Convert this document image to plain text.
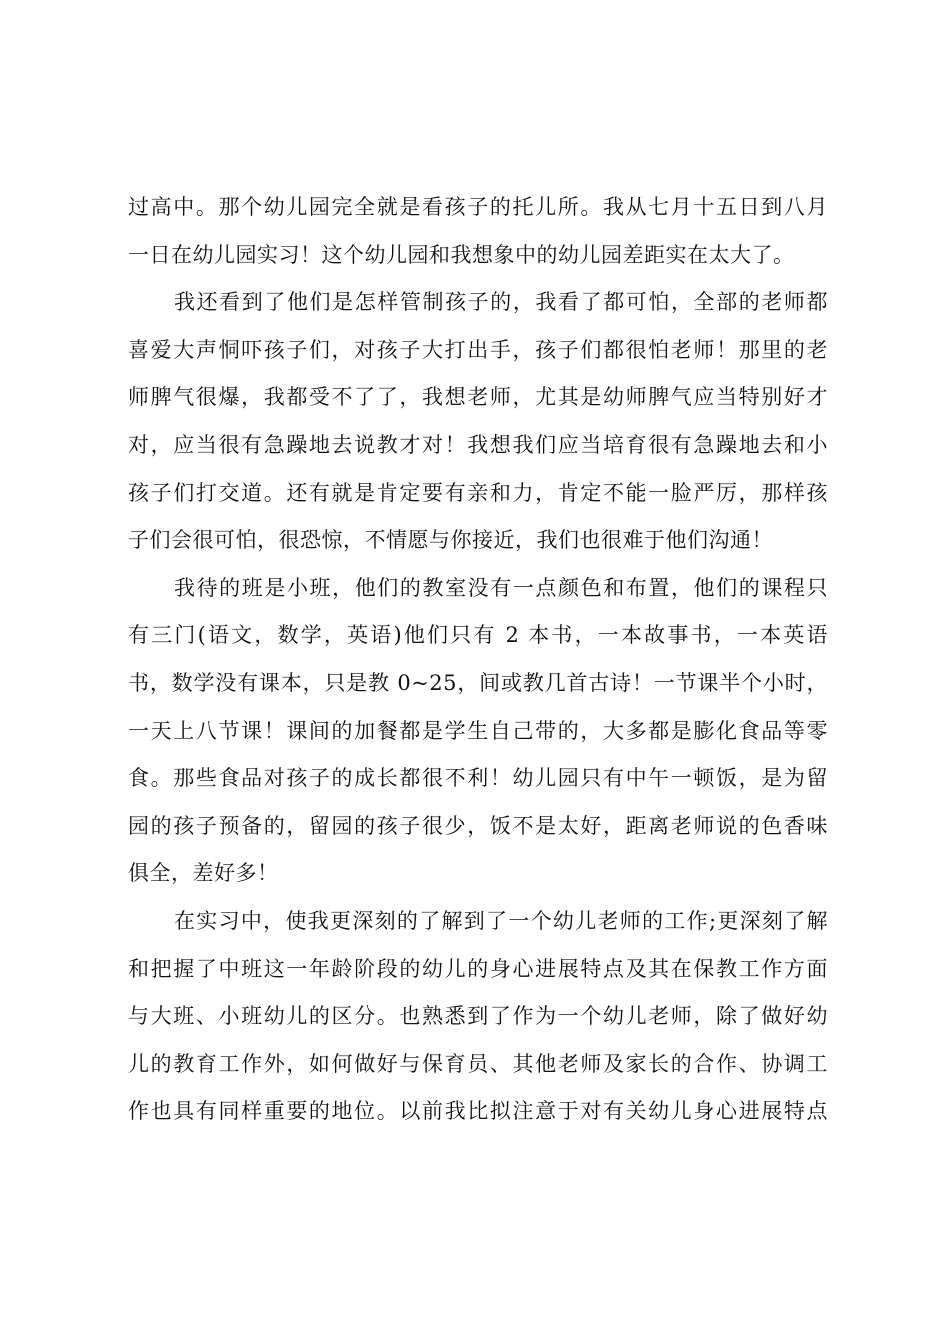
过高中。那个幼儿园完全就是看孩子的托儿所。我从七月十五日到八月
一日在幼儿园实习！这个幼儿园和我想象中的幼儿园差距实在太大了。
我还看到了他们是怎样管制孩子的，我看了都可怕，全部的老师都
喜爱大声恫吓孩子们，对孩子大打出手，孩子们都很怕老师！那里的老
师脾气很爆，我都受不了了，我想老师，尤其是幼师脾气应当特别好才
对，应当很有急躁地去说教才对！我想我们应当培育很有急躁地去和小
孩子们打交道。还有就是肯定要有亲和力，肯定不能一脸严厉，那样孩
子们会很可怕，很恐惊，不情愿与你接近，我们也很难于他们沟通！
我待的班是小班，他们的教室没有一点颜色和布置，他们的课程只
有三门(语文，数学，英语)他们只有 2 本书，一本故事书，一本英语
书，数学没有课本，只是教 0~25，间或教几首古诗！一节课半个小时，
一天上八节课！课间的加餐都是学生自己带的，大多都是膨化食品等零
食。那些食品对孩子的成长都很不利！幼儿园只有中午一顿饭，是为留
园的孩子预备的，留园的孩子很少，饭不是太好，距离老师说的色香味
俱全，差好多！
在实习中，使我更深刻的了解到了一个幼儿老师的工作;更深刻了解
和把握了中班这一年龄阶段的幼儿的身心进展特点及其在保教工作方面
与大班、小班幼儿的区分。也熟悉到了作为一个幼儿老师，除了做好幼
儿的教育工作外，如何做好与保育员、其他老师及家长的合作、协调工
作也具有同样重要的地位。以前我比拟注意于对有关幼儿身心进展特点
